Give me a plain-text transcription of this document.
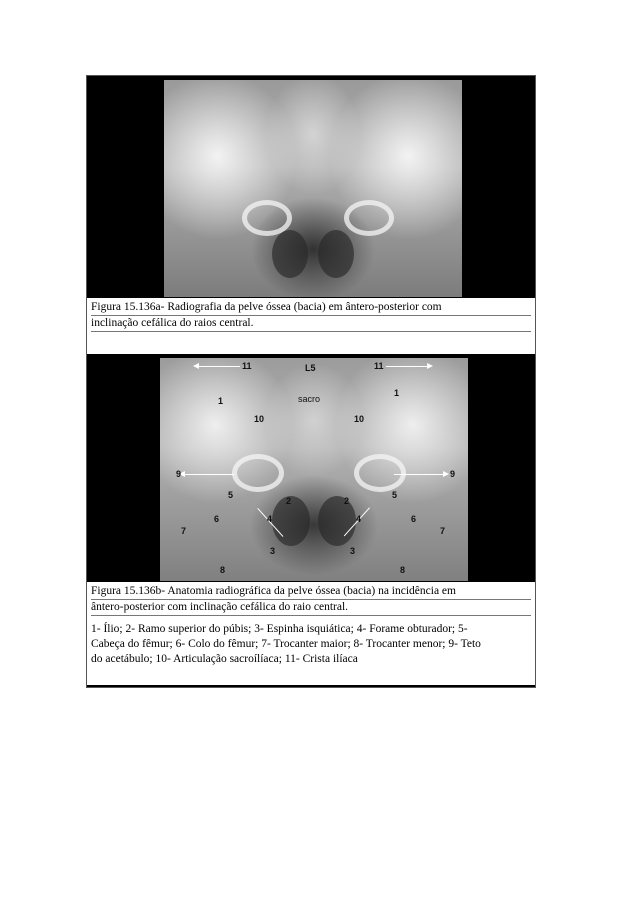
Figura 15.136a- Radiografia da pelve óssea (bacia) em ântero-posterior com
inclinação cefálica do raios central.
11	11
L5
sacro
1
1
10	10
9	9
5	5
2	2
6	6
4	4
7	7
3	3
8	8
Figura 15.136b- Anatomia radiográfica da pelve óssea (bacia) na incidência em
ântero-posterior com inclinação cefálica do raio central.
1- Ílio; 2- Ramo superior do púbis; 3- Espinha isquiática; 4- Forame obturador; 5-
Cabeça do fêmur; 6- Colo do fêmur; 7- Trocanter maior; 8- Trocanter menor; 9- Teto
do acetábulo; 10- Articulação sacroílíaca; 11- Crista ilíaca
